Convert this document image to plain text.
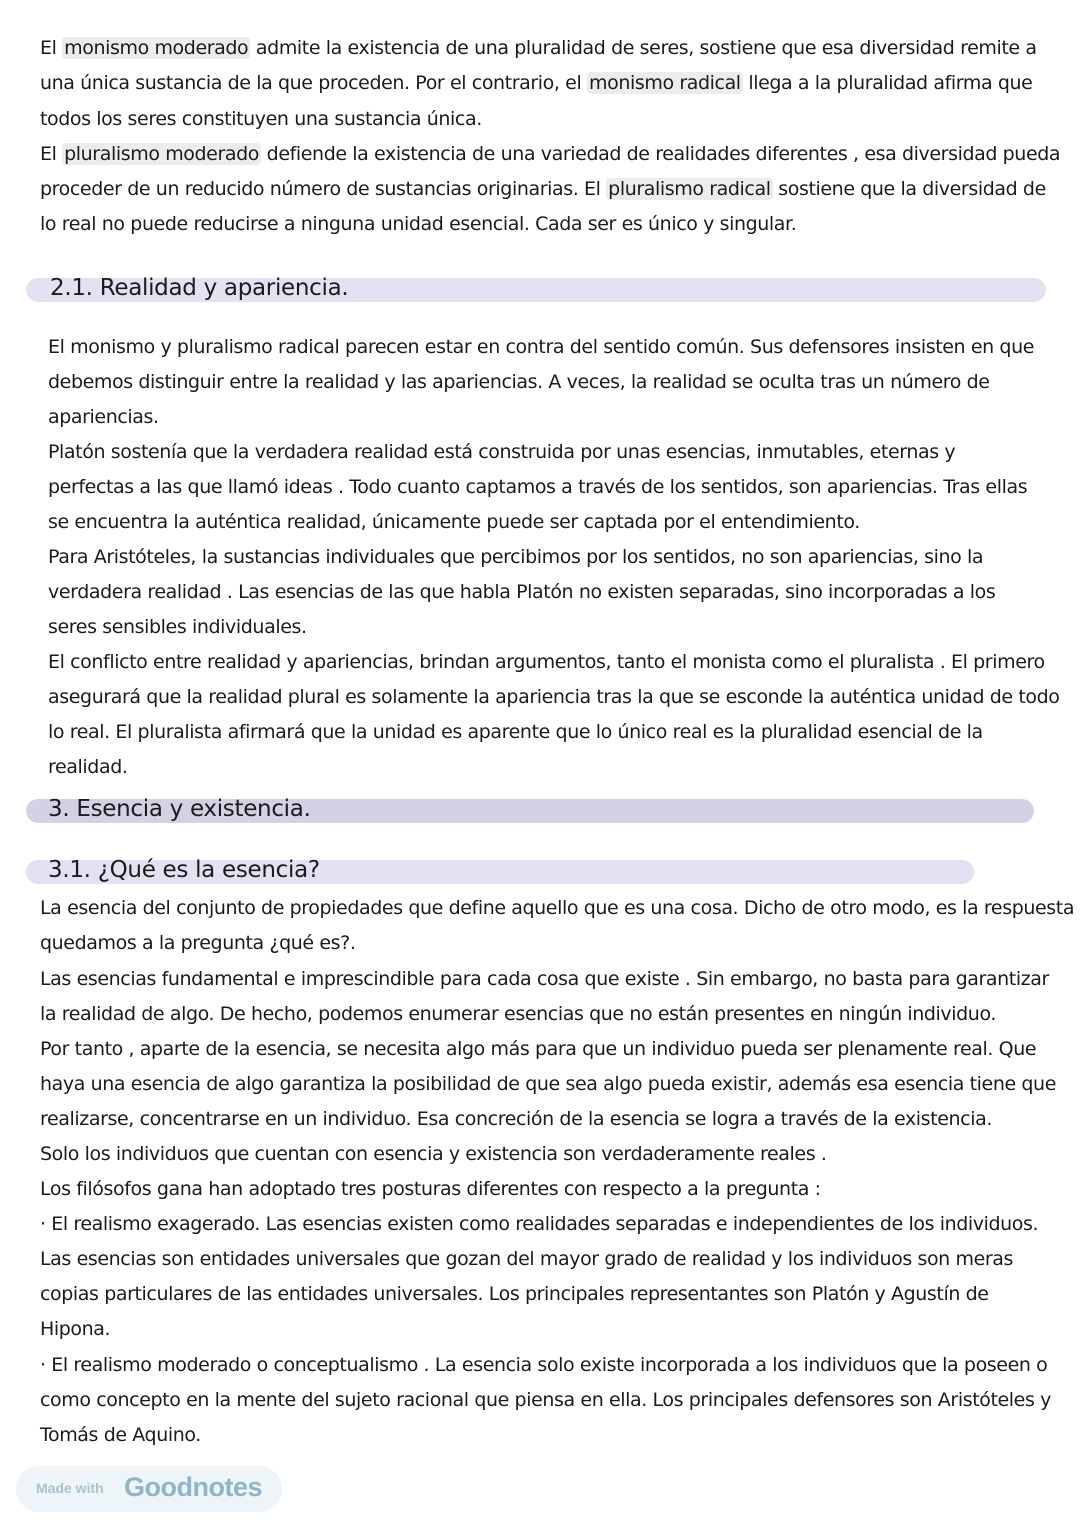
El monismo moderado admite la existencia de una pluralidad de seres, sostiene que esa diversidad remite a
una única sustancia de la que proceden. Por el contrario, el monismo radical llega a la pluralidad afirma que
todos los seres constituyen una sustancia única.
El pluralismo moderado defiende la existencia de una variedad de realidades diferentes , esa diversidad pueda
proceder de un reducido número de sustancias originarias. El pluralismo radical sostiene que la diversidad de
lo real no puede reducirse a ninguna unidad esencial. Cada ser es único y singular.
2.1. Realidad y apariencia.
El monismo y pluralismo radical parecen estar en contra del sentido común. Sus defensores insisten en que
debemos distinguir entre la realidad y las apariencias. A veces, la realidad se oculta tras un número de
apariencias.
Platón sostenía que la verdadera realidad está construida por unas esencias, inmutables, eternas y
perfectas a las que llamó ideas . Todo cuanto captamos a través de los sentidos, son apariencias. Tras ellas
se encuentra la auténtica realidad, únicamente puede ser captada por el entendimiento.
Para Aristóteles, la sustancias individuales que percibimos por los sentidos, no son apariencias, sino la
verdadera realidad . Las esencias de las que habla Platón no existen separadas, sino incorporadas a los
seres sensibles individuales.
El conflicto entre realidad y apariencias, brindan argumentos, tanto el monista como el pluralista . El primero
asegurará que la realidad plural es solamente la apariencia tras la que se esconde la auténtica unidad de todo
lo real. El pluralista afirmará que la unidad es aparente que lo único real es la pluralidad esencial de la
realidad.
3. Esencia y existencia.
3.1. ¿Qué es la esencia?
La esencia del conjunto de propiedades que define aquello que es una cosa. Dicho de otro modo, es la respuesta
quedamos a la pregunta ¿qué es?.
Las esencias fundamental e imprescindible para cada cosa que existe . Sin embargo, no basta para garantizar
la realidad de algo. De hecho, podemos enumerar esencias que no están presentes en ningún individuo.
Por tanto , aparte de la esencia, se necesita algo más para que un individuo pueda ser plenamente real. Que
haya una esencia de algo garantiza la posibilidad de que sea algo pueda existir, además esa esencia tiene que
realizarse, concentrarse en un individuo. Esa concreción de la esencia se logra a través de la existencia.
Solo los individuos que cuentan con esencia y existencia son verdaderamente reales .
Los filósofos gana han adoptado tres posturas diferentes con respecto a la pregunta :
· El realismo exagerado. Las esencias existen como realidades separadas e independientes de los individuos.
Las esencias son entidades universales que gozan del mayor grado de realidad y los individuos son meras
copias particulares de las entidades universales. Los principales representantes son Platón y Agustín de
Hipona.
· El realismo moderado o conceptualismo . La esencia solo existe incorporada a los individuos que la poseen o
como concepto en la mente del sujeto racional que piensa en ella. Los principales defensores son Aristóteles y
Tomás de Aquino.
Made with Goodnotes
